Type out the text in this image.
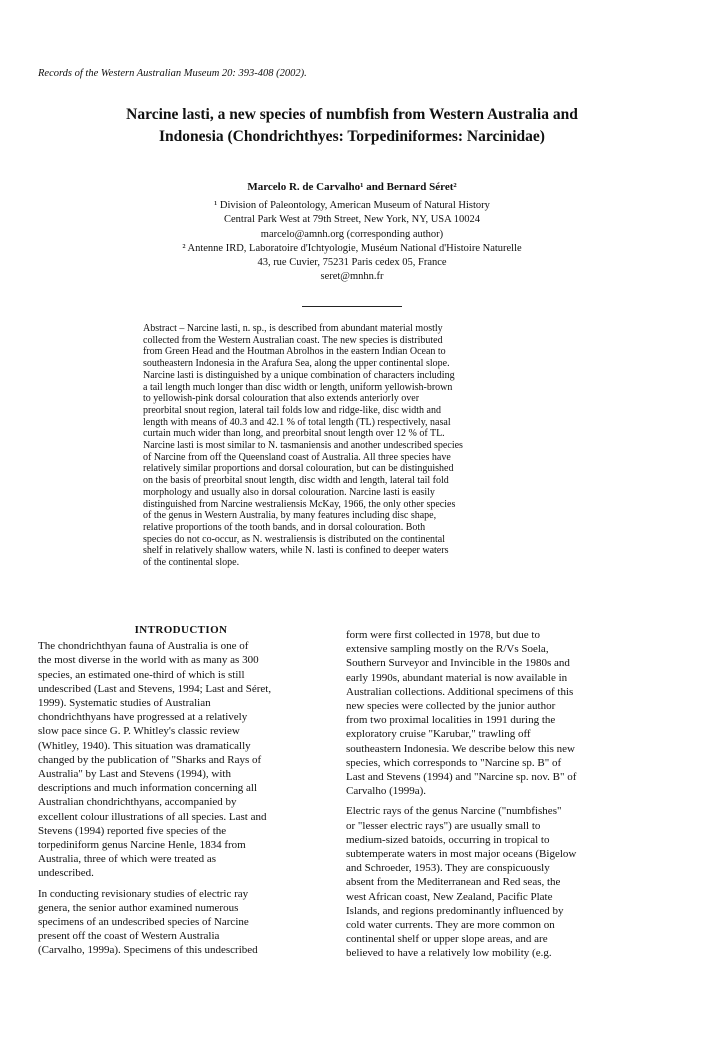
Records of the Western Australian Museum 20: 393-408 (2002).
Narcine lasti, a new species of numbfish from Western Australia and
Indonesia (Chondrichthyes: Torpediniformes: Narcinidae)
Marcelo R. de Carvalho¹ and Bernard Séret²
¹ Division of Paleontology, American Museum of Natural History
Central Park West at 79th Street, New York, NY, USA 10024
marcelo@amnh.org (corresponding author)
² Antenne IRD, Laboratoire d'Ichtyologie, Muséum National d'Histoire Naturelle
43, rue Cuvier, 75231 Paris cedex 05, France
seret@mnhn.fr
Abstract – Narcine lasti, n. sp., is described from abundant material mostly
collected from the Western Australian coast. The new species is distributed
from Green Head and the Houtman Abrolhos in the eastern Indian Ocean to
southeastern Indonesia in the Arafura Sea, along the upper continental slope.
Narcine lasti is distinguished by a unique combination of characters including
a tail length much longer than disc width or length, uniform yellowish-brown
to yellowish-pink dorsal colouration that also extends anteriorly over
preorbital snout region, lateral tail folds low and ridge-like, disc width and
length with means of 40.3 and 42.1 % of total length (TL) respectively, nasal
curtain much wider than long, and preorbital snout length over 12 % of TL.
Narcine lasti is most similar to N. tasmaniensis and another undescribed species
of Narcine from off the Queensland coast of Australia. All three species have
relatively similar proportions and dorsal colouration, but can be distinguished
on the basis of preorbital snout length, disc width and length, lateral tail fold
morphology and usually also in dorsal colouration. Narcine lasti is easily
distinguished from Narcine westraliensis McKay, 1966, the only other species
of the genus in Western Australia, by many features including disc shape,
relative proportions of the tooth bands, and in dorsal colouration. Both
species do not co-occur, as N. westraliensis is distributed on the continental
shelf in relatively shallow waters, while N. lasti is confined to deeper waters
of the continental slope.
INTRODUCTION
The chondrichthyan fauna of Australia is one of
the most diverse in the world with as many as 300
species, an estimated one-third of which is still
undescribed (Last and Stevens, 1994; Last and Séret,
1999). Systematic studies of Australian
chondrichthyans have progressed at a relatively
slow pace since G. P. Whitley's classic review
(Whitley, 1940). This situation was dramatically
changed by the publication of "Sharks and Rays of
Australia" by Last and Stevens (1994), with
descriptions and much information concerning all
Australian chondrichthyans, accompanied by
excellent colour illustrations of all species. Last and
Stevens (1994) reported five species of the
torpediniform genus Narcine Henle, 1834 from
Australia, three of which were treated as
undescribed.
In conducting revisionary studies of electric ray
genera, the senior author examined numerous
specimens of an undescribed species of Narcine
present off the coast of Western Australia
(Carvalho, 1999a). Specimens of this undescribed
form were first collected in 1978, but due to
extensive sampling mostly on the R/Vs Soela,
Southern Surveyor and Invincible in the 1980s and
early 1990s, abundant material is now available in
Australian collections. Additional specimens of this
new species were collected by the junior author
from two proximal localities in 1991 during the
exploratory cruise "Karubar," trawling off
southeastern Indonesia. We describe below this new
species, which corresponds to "Narcine sp. B" of
Last and Stevens (1994) and "Narcine sp. nov. B" of
Carvalho (1999a).
Electric rays of the genus Narcine ("numbfishes"
or "lesser electric rays") are usually small to
medium-sized batoids, occurring in tropical to
subtemperate waters in most major oceans (Bigelow
and Schroeder, 1953). They are conspicuously
absent from the Mediterranean and Red seas, the
west African coast, New Zealand, Pacific Plate
Islands, and regions predominantly influenced by
cold water currents. They are more common on
continental shelf or upper slope areas, and are
believed to have a relatively low mobility (e.g.
